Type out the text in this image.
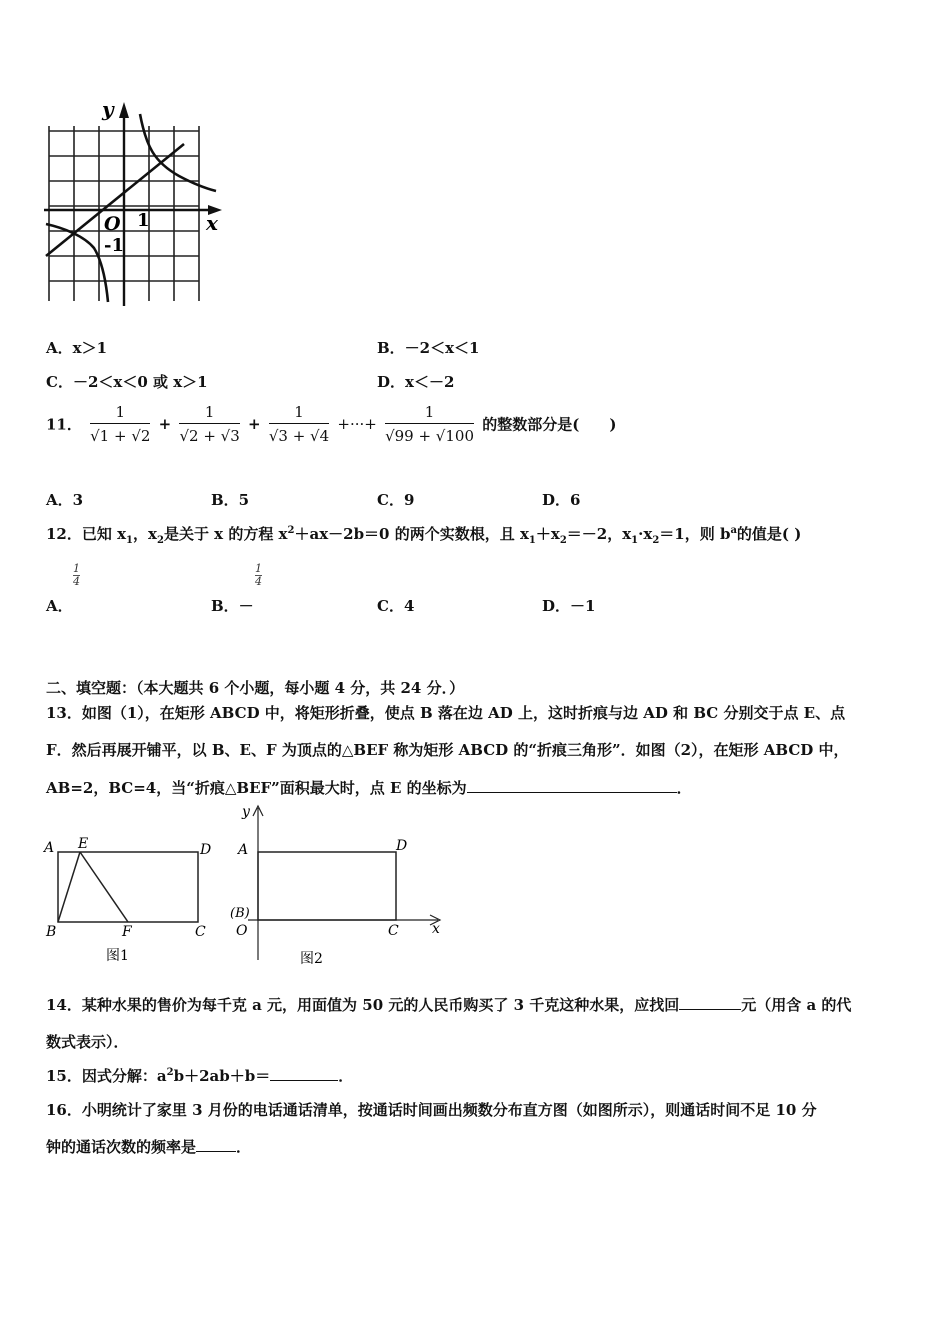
y
x
O 1
-1
A．x＞1	B．－2＜x＜1
C．－2＜x＜0 或 x＞1	D．x＜－2
11． $\frac{1}{√1 + √2} + \frac{1}{√2 + √3} + \frac{1}{√3 + √4}$ +···+ $\frac{1}{√99 + √100}$ 的整数部分是(　　)
A．3	B．5	C．9	D．6
12．已知 $x_1$，$x_2$是关于 x 的方程 $x^2+ax-2b=0$ 的两个实数根，且 $x_1+x_2=-2$，$x_1\cdot x_2=1$，则 $b^a$的值是( )
1
4
1
4
A．	B．－	C．4	D．－1
二、填空题：（本大题共 6 个小题，每小题 4 分，共 24 分．）
13．如图（1），在矩形 ABCD 中，将矩形折叠，使点 B 落在边 AD 上，这时折痕与边 AD 和 BC 分别交于点 E、点
F．然后再展开铺平，以 B、E、F 为顶点的△BEF 称为矩形 ABCD 的“折痕三角形”．如图（2），在矩形 ABCD 中，
AB=2，BC=4，当“折痕△BEF”面积最大时，点 E 的坐标为	．
A E	D
B	F	C
图1
y
A	D
(B)
O	C x
图2
14．某种水果的售价为每千克 a 元，用面值为 50 元的人民币购买了 3 千克这种水果，应找回	元（用含 a 的代
数式表示）．
15．因式分解：$a^2b+2ab+b=$	．
16．小明统计了家里 3 月份的电话通话清单，按通话时间画出频数分布直方图（如图所示），则通话时间不足 10 分
钟的通话次数的频率是	．
